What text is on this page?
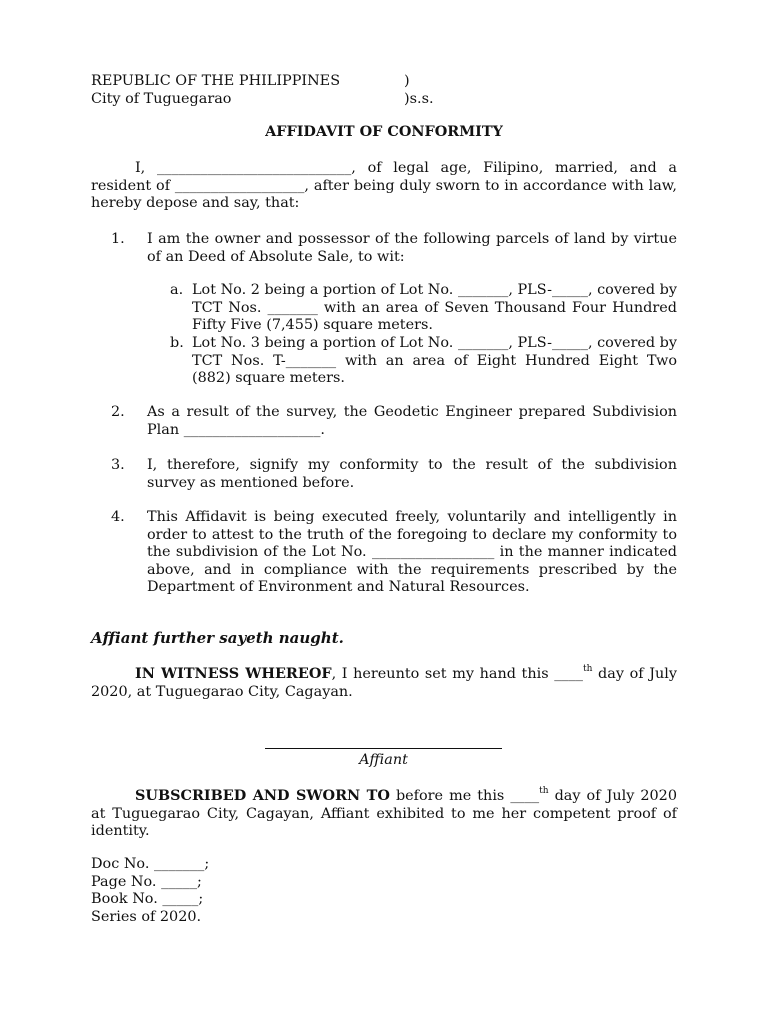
REPUBLIC OF THE PHILIPPINES	)
City of Tuguegarao	)s.s.
AFFIDAVIT OF CONFORMITY
I, ___________________________, of legal age, Filipino, married, and a resident of __________________, after being duly sworn to in accordance with law, hereby depose and say, that:
1.	I am the owner and possessor of the following parcels of land by virtue of an Deed of Absolute Sale, to wit:
a. Lot No. 2 being a portion of Lot No. _______, PLS-_____, covered by TCT Nos. _______ with an area of Seven Thousand Four Hundred Fifty Five (7,455) square meters.
b. Lot No. 3 being a portion of Lot No. _______, PLS-_____, covered by TCT Nos. T-_______ with an area of Eight Hundred Eight Two (882) square meters.
2.	As a result of the survey, the Geodetic Engineer prepared Subdivision Plan ___________________.
3.	I, therefore, signify my conformity to the result of the subdivision survey as mentioned before.
4.	This Affidavit is being executed freely, voluntarily and intelligently in order to attest to the truth of the foregoing to declare my conformity to the subdivision of the Lot No. _________________ in the manner indicated above, and in compliance with the requirements prescribed by the Department of Environment and Natural Resources.
Affiant further sayeth naught.
IN WITNESS WHEREOF, I hereunto set my hand this ____$^{th}$ day of July 2020, at Tuguegarao City, Cagayan.
Affiant
SUBSCRIBED AND SWORN TO before me this ____$^{th}$ day of July 2020 at Tuguegarao City, Cagayan, Affiant exhibited to me her competent proof of identity.
Doc No. _______;
Page No. _____;
Book No. _____;
Series of 2020.
